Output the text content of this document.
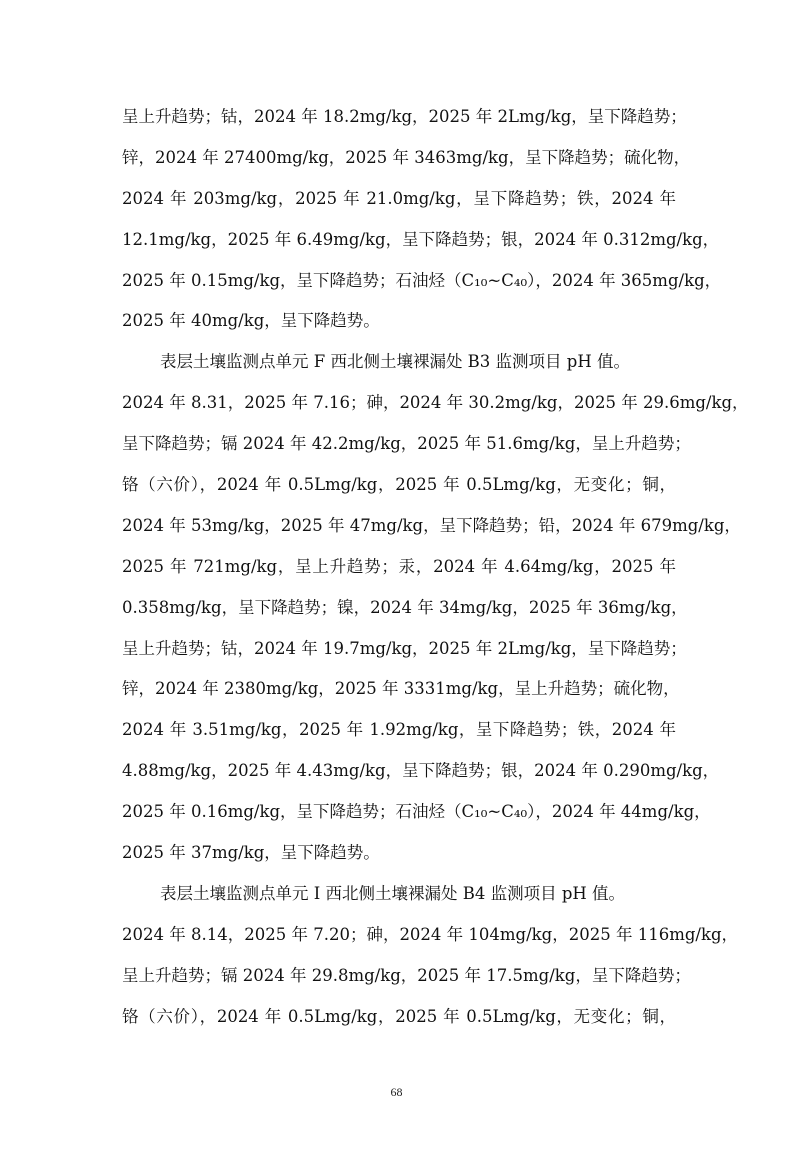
呈上升趋势；钴，2024 年 18.2mg/kg，2025 年 2Lmg/kg，呈下降趋势；
锌，2024 年 27400mg/kg，2025 年 3463mg/kg，呈下降趋势；硫化物，
2024 年 203mg/kg，2025 年 21.0mg/kg，呈下降趋势；铁，2024 年
12.1mg/kg，2025 年 6.49mg/kg，呈下降趋势；银，2024 年 0.312mg/kg，
2025 年 0.15mg/kg，呈下降趋势；石油烃（C₁₀~C₄₀），2024 年 365mg/kg，
2025 年 40mg/kg，呈下降趋势。
表层土壤监测点单元 F 西北侧土壤裸漏处 B3 监测项目 pH 值。
2024 年 8.31，2025 年 7.16；砷，2024 年 30.2mg/kg，2025 年 29.6mg/kg，
呈下降趋势；镉 2024 年 42.2mg/kg，2025 年 51.6mg/kg，呈上升趋势；
铬（六价），2024 年 0.5Lmg/kg，2025 年 0.5Lmg/kg，无变化；铜，
2024 年 53mg/kg，2025 年 47mg/kg，呈下降趋势；铅，2024 年 679mg/kg，
2025 年 721mg/kg，呈上升趋势；汞，2024 年 4.64mg/kg，2025 年
0.358mg/kg，呈下降趋势；镍，2024 年 34mg/kg，2025 年 36mg/kg，
呈上升趋势；钴，2024 年 19.7mg/kg，2025 年 2Lmg/kg，呈下降趋势；
锌，2024 年 2380mg/kg，2025 年 3331mg/kg，呈上升趋势；硫化物，
2024 年 3.51mg/kg，2025 年 1.92mg/kg，呈下降趋势；铁，2024 年
4.88mg/kg，2025 年 4.43mg/kg，呈下降趋势；银，2024 年 0.290mg/kg，
2025 年 0.16mg/kg，呈下降趋势；石油烃（C₁₀~C₄₀），2024 年 44mg/kg，
2025 年 37mg/kg，呈下降趋势。
表层土壤监测点单元 I 西北侧土壤裸漏处 B4 监测项目 pH 值。
2024 年 8.14，2025 年 7.20；砷，2024 年 104mg/kg，2025 年 116mg/kg，
呈上升趋势；镉 2024 年 29.8mg/kg，2025 年 17.5mg/kg，呈下降趋势；
铬（六价），2024 年 0.5Lmg/kg，2025 年 0.5Lmg/kg，无变化；铜，
68
